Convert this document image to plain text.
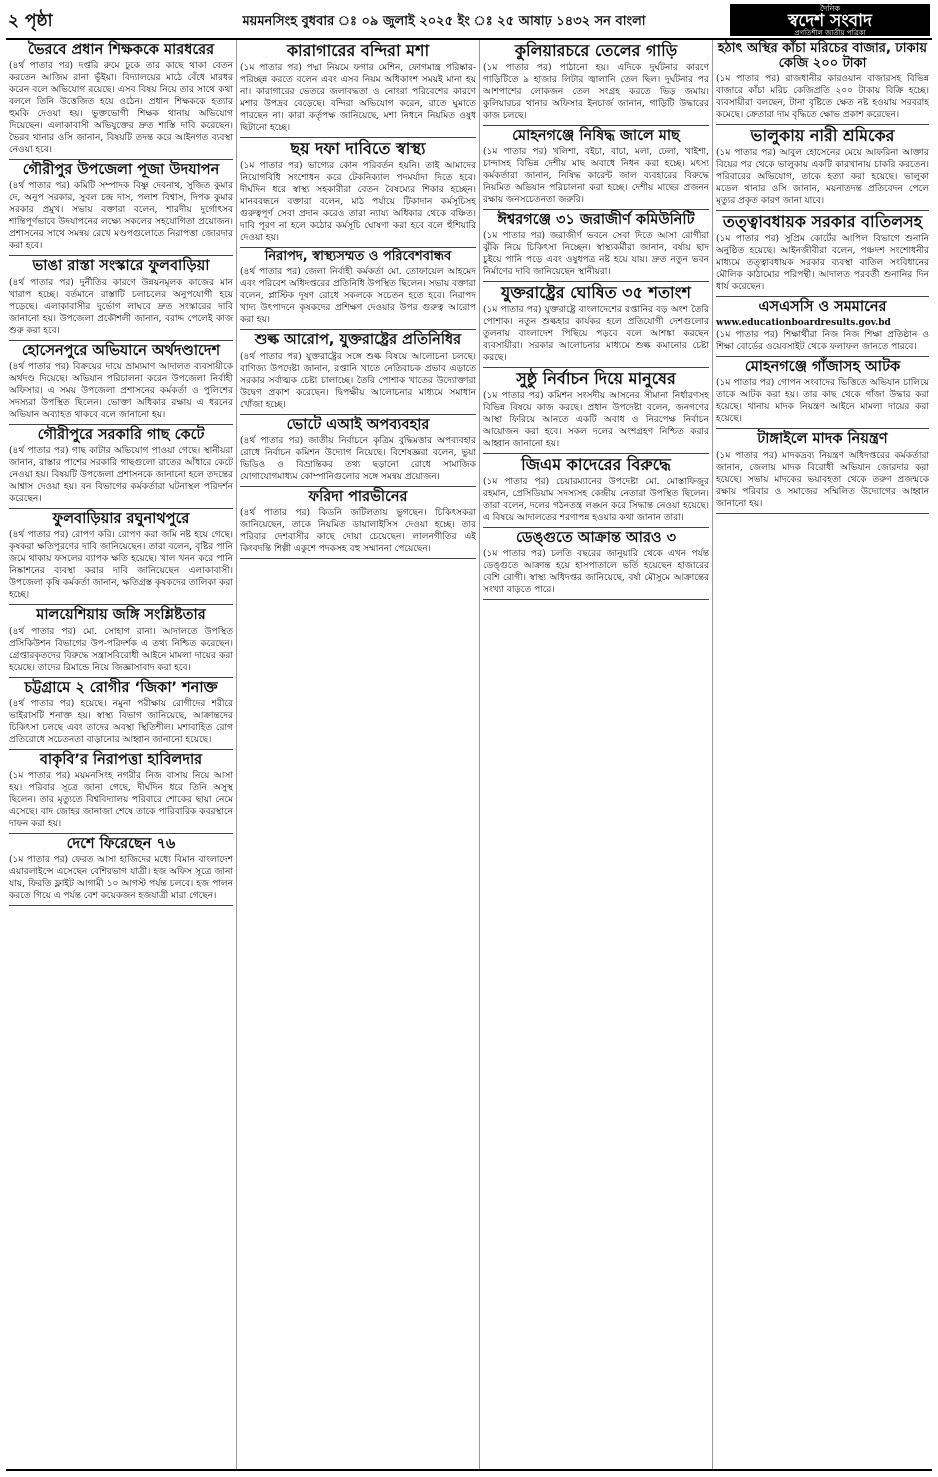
২ পৃষ্ঠা	ময়মনসিংহ বুধবার ঃ ০৯ জুলাই ২০২৫ ইং ঃ ২৫ আষাঢ় ১৪৩২ সন বাংলা
দৈনিক
স্বদেশ সংবাদ
প্রগতিশীল জাতীয় পত্রিকা
ভৈরবে প্রধান শিক্ষককে মারধরের

(৪র্থ পাতার পর) দপ্তরি রুমে ঢুকে তার কাছে থাকা বেতন করতেন আজিম রানা ভূঁইয়া। বিদ্যালয়ের মাঠে বেঁধে মারধর করেন বলে অভিযোগ রয়েছে। এসব বিষয় নিয়ে তার সাথে কথা বললে তিনি উত্তেজিত হয়ে ওঠেন। প্রধান শিক্ষককে হত্যার হুমকি দেওয়া হয়। ভুক্তভোগী শিক্ষক থানায় অভিযোগ দিয়েছেন। এলাকাবাসী অভিযুক্তের দ্রুত শাস্তি দাবি করেছেন। ভৈরব থানার ওসি জানান, বিষয়টি তদন্ত করে আইনগত ব্যবস্থা নেওয়া হবে।

গৌরীপুর উপজেলা পূজা উদযাপন

(৪র্থ পাতার পর) কমিটি সম্পাদক বিষ্ণু দেবনাথ, সুজিত কুমার দে, অনুপ সরকার, সুবল চন্দ্র দাস, পলাশ বিশ্বাস, দিপক কুমার সরকার প্রমুখ। সভায় বক্তারা বলেন, শারদীয় দুর্গোৎসব শান্তিপূর্ণভাবে উদযাপনের লক্ষ্যে সকলের সহযোগিতা প্রয়োজন। প্রশাসনের সাথে সমন্বয় রেখে মণ্ডপগুলোতে নিরাপত্তা জোরদার করা হবে।

ভাঙা রাস্তা সংস্কারে ফুলবাড়িয়া

(৪র্থ পাতার পর) দুর্নীতির কারণে উন্নয়নমূলক কাজের মান খারাপ হচ্ছে। বর্তমানে রাস্তাটি চলাচলের অনুপযোগী হয়ে পড়েছে। এলাকাবাসীর দুর্ভোগ লাঘবে দ্রুত সংস্কারের দাবি জানানো হয়। উপজেলা প্রকৌশলী জানান, বরাদ্দ পেলেই কাজ শুরু করা হবে।

হোসেনপুরে অভিযানে অর্থদণ্ডাদেশ

(৪র্থ পাতার পর) বিক্রয়ের দায়ে ভ্রাম্যমাণ আদালত ব্যবসায়ীকে অর্থদণ্ড দিয়েছে। অভিযান পরিচালনা করেন উপজেলা নির্বাহী অফিসার। এ সময় উপজেলা প্রশাসনের কর্মকর্তা ও পুলিশের সদস্যরা উপস্থিত ছিলেন। ভোক্তা অধিকার রক্ষায় এ ধরনের অভিযান অব্যাহত থাকবে বলে জানানো হয়।

গৌরীপুরে সরকারি গাছ কেটে

(৪র্থ পাতার পর) গাছ কাটার অভিযোগ পাওয়া গেছে। স্থানীয়রা জানান, রাস্তার পাশের সরকারি গাছগুলো রাতের আঁধারে কেটে নেওয়া হয়। বিষয়টি উপজেলা প্রশাসনকে জানানো হলে তদন্তের আশ্বাস দেওয়া হয়। বন বিভাগের কর্মকর্তারা ঘটনাস্থল পরিদর্শন করেছেন।

ফুলবাড়িয়ার রঘুনাথপুরে

(৪র্থ পাতার পর) রোপণ করি। রোপণ করা জমি নষ্ট হয়ে গেছে। কৃষকরা ক্ষতিপূরণের দাবি জানিয়েছেন। তারা বলেন, বৃষ্টির পানি জমে থাকায় ফসলের ব্যাপক ক্ষতি হয়েছে। খাল খনন করে পানি নিষ্কাশনের ব্যবস্থা করার দাবি জানিয়েছেন এলাকাবাসী। উপজেলা কৃষি কর্মকর্তা জানান, ক্ষতিগ্রস্ত কৃষকদের তালিকা করা হচ্ছে।

মালয়েশিয়ায় জঙ্গি সংশ্লিষ্টতার

(৪র্থ পাতার পর) মো. সোহাগ রানা। আদালতে উপস্থিত প্রসিকিউশন বিভাগের উপ-পরিদর্শক এ তথ্য নিশ্চিত করেছেন। গ্রেপ্তারকৃতদের বিরুদ্ধে সন্ত্রাসবিরোধী আইনে মামলা দায়ের করা হয়েছে। তাদের রিমান্ডে নিয়ে জিজ্ঞাসাবাদ করা হবে।

চট্টগ্রামে ২ রোগীর ‘জিকা’ শনাক্ত

(৪র্থ পাতার পর) হয়েছে। নমুনা পরীক্ষায় রোগীদের শরীরে ভাইরাসটি শনাক্ত হয়। স্বাস্থ্য বিভাগ জানিয়েছে, আক্রান্তদের চিকিৎসা চলছে এবং তাদের অবস্থা স্থিতিশীল। মশাবাহিত রোগ প্রতিরোধে সচেতনতা বাড়ানোর আহ্বান জানানো হয়েছে।

বাকৃবি’র নিরাপত্তা হাবিলদার

(১ম পাতার পর) ময়মনসিংহ নগরীর নিজ বাসায় নিয়ে আসা হয়। পরিবার সূত্রে জানা গেছে, দীর্ঘদিন ধরে তিনি অসুস্থ ছিলেন। তার মৃত্যুতে বিশ্ববিদ্যালয় পরিবারে শোকের ছায়া নেমে এসেছে। বাদ জোহর জানাজা শেষে তাকে পারিবারিক কবরস্থানে দাফন করা হয়।

দেশে ফিরেছেন ৭৬

(১ম পাতার পর) ফেরত আসা হাজিদের মধ্যে বিমান বাংলাদেশ এয়ারলাইন্সে এসেছেন বেশিরভাগ যাত্রী। হজ অফিস সূত্রে জানা যায়, ফিরতি ফ্লাইট আগামী ১০ আগস্ট পর্যন্ত চলবে। হজ পালন করতে গিয়ে এ পর্যন্ত বেশ কয়েকজন হজযাত্রী মারা গেছেন।

কারাগারের বন্দিরা মশা

(১ম পাতার পর) পদ্মা নিয়মে ফগার মেশিন, ফোগমান্ত্র পরিষ্কার-পরিচ্ছন্ন করতে বলেন এবং এসব নিয়ম অধিকাংশ সময়ই মানা হয় না। কারাগারের ভেতরে জলাবদ্ধতা ও নোংরা পরিবেশের কারণে মশার উপদ্রব বেড়েছে। বন্দিরা অভিযোগ করেন, রাতে ঘুমাতে পারছেন না। কারা কর্তৃপক্ষ জানিয়েছে, মশা নিধনে নিয়মিত ওষুধ ছিটানো হচ্ছে।

ছয় দফা দাবিতে স্বাস্থ্য

(১ম পাতার পর) ভাগ্যের কোন পরিবর্তন হয়নি। তাই আমাদের নিয়োগবিধি সংশোধন করে টেকনিক্যাল পদমর্যাদা দিতে হবে। দীর্ঘদিন ধরে স্বাস্থ্য সহকারীরা বেতন বৈষম্যের শিকার হচ্ছেন। মানববন্ধনে বক্তারা বলেন, মাঠ পর্যায়ে টিকাদান কর্মসূচিসহ গুরুত্বপূর্ণ সেবা প্রদান করেও তারা ন্যায্য অধিকার থেকে বঞ্চিত। দাবি পূরণ না হলে কঠোর কর্মসূচি ঘোষণা করা হবে বলে হুঁশিয়ারি দেওয়া হয়।

নিরাপদ, স্বাস্থ্যসম্মত ও পরিবেশবান্ধব

(৪র্থ পাতার পর) জেলা নির্বাহী কর্মকর্তা মো. তোফায়েল আহমেদ এবং পরিবেশ অধিদপ্তরের প্রতিনিধি উপস্থিত ছিলেন। সভায় বক্তারা বলেন, প্লাস্টিক দূষণ রোধে সকলকে সচেতন হতে হবে। নিরাপদ খাদ্য উৎপাদনে কৃষকদের প্রশিক্ষণ দেওয়ার উপর গুরুত্ব আরোপ করা হয়।

শুল্ক আরোপ, যুক্তরাষ্ট্রের প্রতিনিধির

(৪র্থ পাতার পর) যুক্তরাষ্ট্রের সঙ্গে শুল্ক বিষয়ে আলোচনা চলছে। বাণিজ্য উপদেষ্টা জানান, রপ্তানি খাতে নেতিবাচক প্রভাব এড়াতে সরকার সর্বাত্মক চেষ্টা চালাচ্ছে। তৈরি পোশাক খাতের উদ্যোক্তারা উদ্বেগ প্রকাশ করেছেন। দ্বিপক্ষীয় আলোচনার মাধ্যমে সমাধান খোঁজা হচ্ছে।

ভোটে এআই অপব্যবহার

(৪র্থ পাতার পর) জাতীয় নির্বাচনে কৃত্রিম বুদ্ধিমত্তার অপব্যবহার রোধে নির্বাচন কমিশন উদ্যোগ নিয়েছে। বিশেষজ্ঞরা বলেন, ভুয়া ভিডিও ও বিভ্রান্তিকর তথ্য ছড়ানো রোধে সামাজিক যোগাযোগমাধ্যম কোম্পানিগুলোর সঙ্গে সমন্বয় প্রয়োজন।

ফরিদা পারভীনের

(৪র্থ পাতার পর) কিডনি জটিলতায় ভুগছেন। চিকিৎসকরা জানিয়েছেন, তাকে নিয়মিত ডায়ালাইসিস দেওয়া হচ্ছে। তার পরিবার দেশবাসীর কাছে দোয়া চেয়েছেন। লালনগীতির এই কিংবদন্তি শিল্পী একুশে পদকসহ বহু সম্মাননা পেয়েছেন।

কুলিয়ারচরে তেলের গাড়ি

(১ম পাতার পর) পাঠানো হয়। এদিকে দুর্ঘটনার কারণে গাড়িটিতে ৯ হাজার লিটার জ্বালানি তেল ছিল। দুর্ঘটনার পর আশপাশের লোকজন তেল সংগ্রহ করতে ভিড় জমায়। কুলিয়ারচর থানার অফিসার ইনচার্জ জানান, গাড়িটি উদ্ধারের কাজ চলছে।

মোহনগঞ্জে নিষিদ্ধ জালে মাছ

(১ম পাতার পর) খলিশা, বইচা, বাচা, মলা, ঢেলা, খাইশা, চান্দাসহ বিভিন্ন দেশীয় মাছ অবাধে নিধন করা হচ্ছে। মৎস্য কর্মকর্তারা জানান, নিষিদ্ধ কারেন্ট জাল ব্যবহারের বিরুদ্ধে নিয়মিত অভিযান পরিচালনা করা হচ্ছে। দেশীয় মাছের প্রজনন রক্ষায় জনসচেতনতা জরুরি।

ঈশ্বরগঞ্জে ৩১ জরাজীর্ণ কমিউনিটি

(১ম পাতার পর) জরাজীর্ণ ভবনে সেবা দিতে আসা রোগীরা ঝুঁকি নিয়ে চিকিৎসা নিচ্ছেন। স্বাস্থ্যকর্মীরা জানান, বর্ষায় ছাদ চুইয়ে পানি পড়ে এবং ওষুধপত্র নষ্ট হয়ে যায়। দ্রুত নতুন ভবন নির্মাণের দাবি জানিয়েছেন স্থানীয়রা।

যুক্তরাষ্ট্রের ঘোষিত ৩৫ শতাংশ

(১ম পাতার পর) যুক্তরাষ্ট্রে বাংলাদেশের রপ্তানির বড় অংশ তৈরি পোশাক। নতুন শুল্কহার কার্যকর হলে প্রতিযোগী দেশগুলোর তুলনায় বাংলাদেশ পিছিয়ে পড়বে বলে আশঙ্কা করছেন ব্যবসায়ীরা। সরকার আলোচনার মাধ্যমে শুল্ক কমানোর চেষ্টা করছে।

সুষ্ঠু নির্বাচন দিয়ে মানুষের

(১ম পাতার পর) কমিশন সংসদীয় আসনের সীমানা নির্ধারণসহ বিভিন্ন বিষয়ে কাজ করছে। প্রধান উপদেষ্টা বলেন, জনগণের আস্থা ফিরিয়ে আনতে একটি অবাধ ও নিরপেক্ষ নির্বাচন আয়োজন করা হবে। সকল দলের অংশগ্রহণ নিশ্চিত করার আহ্বান জানানো হয়।

জিএম কাদেরের বিরুদ্ধে

(১ম পাতার পর) চেয়ারম্যানের উপদেষ্টা মো. মোস্তাফিজুর রহমান, প্রেসিডিয়াম সদস্যসহ কেন্দ্রীয় নেতারা উপস্থিত ছিলেন। তারা বলেন, দলের গঠনতন্ত্র লঙ্ঘন করে সিদ্ধান্ত নেওয়া হয়েছে। এ বিষয়ে আদালতের শরণাপন্ন হওয়ার কথা জানান তারা।

ডেঙ্গুতে আক্রান্ত আরও ৩

(১ম পাতার পর) চলতি বছরের জানুয়ারি থেকে এখন পর্যন্ত ডেঙ্গুতে আক্রান্ত হয়ে হাসপাতালে ভর্তি হয়েছেন হাজারের বেশি রোগী। স্বাস্থ্য অধিদপ্তর জানিয়েছে, বর্ষা মৌসুমে আক্রান্তের সংখ্যা বাড়তে পারে।

হঠাৎ অস্থির কাঁচা মরিচের বাজার, ঢাকায় কেজি ২০০ টাকা

(১ম পাতার পর) রাজধানীর কারওয়ান বাজারসহ বিভিন্ন বাজারে কাঁচা মরিচ কেজিপ্রতি ২০০ টাকায় বিক্রি হচ্ছে। ব্যবসায়ীরা বলছেন, টানা বৃষ্টিতে ক্ষেত নষ্ট হওয়ায় সরবরাহ কমেছে। ক্রেতারা দাম বৃদ্ধিতে ক্ষোভ প্রকাশ করেছেন।

ভালুকায় নারী শ্রমিকের

(১ম পাতার পর) আবুল হোসেনের মেয়ে আফরিনা আক্তার বিয়ের পর থেকে ভালুকায় একটি কারখানায় চাকরি করতেন। পরিবারের অভিযোগ, তাকে হত্যা করা হয়েছে। ভালুকা মডেল থানার ওসি জানান, ময়নাতদন্ত প্রতিবেদন পেলে মৃত্যুর প্রকৃত কারণ জানা যাবে।

তত্ত্বাবধায়ক সরকার বাতিলসহ

(১ম পাতার পর) সুপ্রিম কোর্টের আপিল বিভাগে শুনানি অনুষ্ঠিত হয়েছে। আইনজীবীরা বলেন, পঞ্চদশ সংশোধনীর মাধ্যমে তত্ত্বাবধায়ক সরকার ব্যবস্থা বাতিল সংবিধানের মৌলিক কাঠামোর পরিপন্থী। আদালত পরবর্তী শুনানির দিন ধার্য করেছেন।

এসএসসি ও সমমানের
www.educationboardresults.gov.bd

(১ম পাতার পর) শিক্ষার্থীরা নিজ নিজ শিক্ষা প্রতিষ্ঠান ও শিক্ষা বোর্ডের ওয়েবসাইট থেকে ফলাফল জানতে পারবে।

মোহনগঞ্জে গাঁজাসহ আটক

(১ম পাতার পর) গোপন সংবাদের ভিত্তিতে অভিযান চালিয়ে তাকে আটক করা হয়। তার কাছ থেকে গাঁজা উদ্ধার করা হয়েছে। থানায় মাদক নিয়ন্ত্রণ আইনে মামলা দায়ের করা হয়েছে।

টাঙ্গাইলে মাদক নিয়ন্ত্রণ

(১ম পাতার পর) মাদকদ্রব্য নিয়ন্ত্রণ অধিদপ্তরের কর্মকর্তারা জানান, জেলায় মাদক বিরোধী অভিযান জোরদার করা হয়েছে। সভায় মাদকের ভয়াবহতা থেকে তরুণ প্রজন্মকে রক্ষায় পরিবার ও সমাজের সম্মিলিত উদ্যোগের আহ্বান জানানো হয়।
